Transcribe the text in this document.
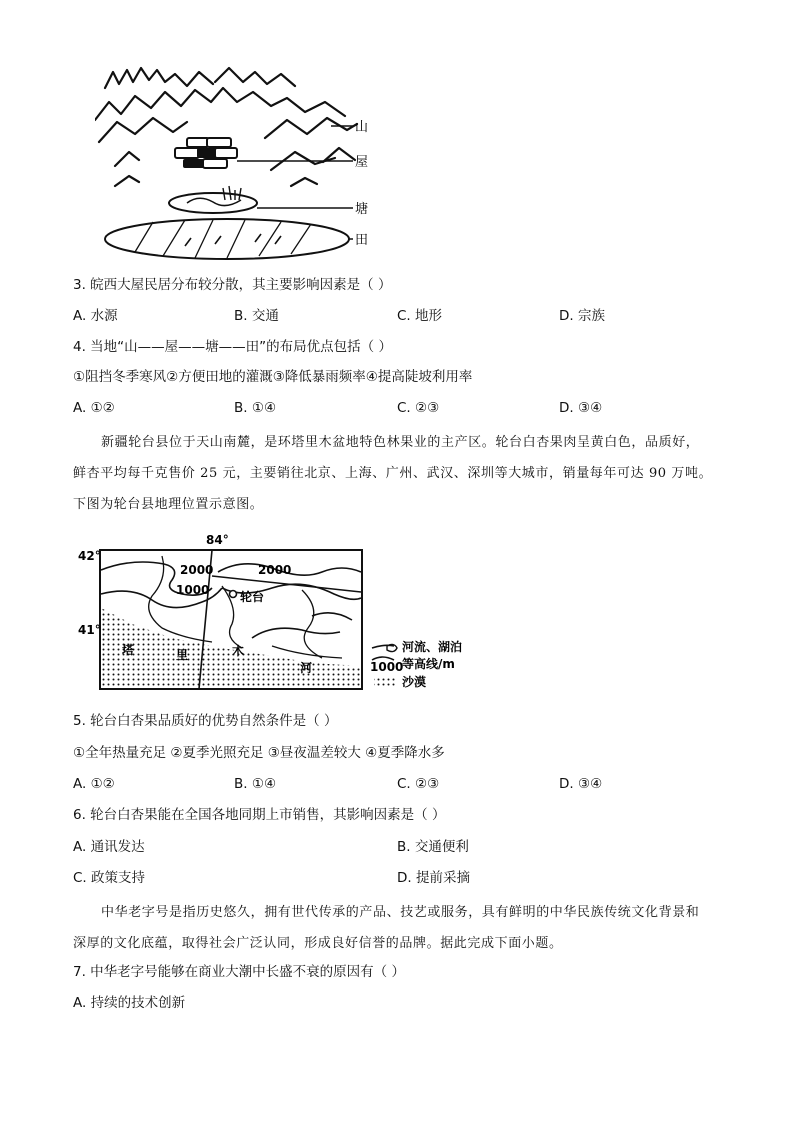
山
屋
塘
田
3. 皖西大屋民居分布较分散，其主要影响因素是（ ）
A. 水源	B. 交通	C. 地形	D. 宗族
4. 当地“山——屋——塘——田”的布局优点包括（ ）
①阻挡冬季寒风②方便田地的灌溉③降低暴雨频率④提高陡坡利用率
A. ①②	B. ①④	C. ②③	D. ③④
新疆轮台县位于天山南麓，是环塔里木盆地特色林果业的主产区。轮台白杏果肉呈黄白色，品质好，
鲜杏平均每千克售价 25 元，主要销往北京、上海、广州、武汉、深圳等大城市，销量每年可达 90 万吨。
下图为轮台县地理位置示意图。
轮台
2000	2000
1000
84°
42°
41°
塔	里	木
河
河流、湖泊
1000
等高线/m
沙漠
5. 轮台白杏果品质好的优势自然条件是（ ）
①全年热量充足 ②夏季光照充足 ③昼夜温差较大 ④夏季降水多
A. ①②	B. ①④	C. ②③	D. ③④
6. 轮台白杏果能在全国各地同期上市销售，其影响因素是（ ）
A. 通讯发达	B. 交通便利
C. 政策支持	D. 提前采摘
中华老字号是指历史悠久，拥有世代传承的产品、技艺或服务，具有鲜明的中华民族传统文化背景和
深厚的文化底蕴，取得社会广泛认同，形成良好信誉的品牌。据此完成下面小题。
7. 中华老字号能够在商业大潮中长盛不衰的原因有（ ）
A. 持续的技术创新
